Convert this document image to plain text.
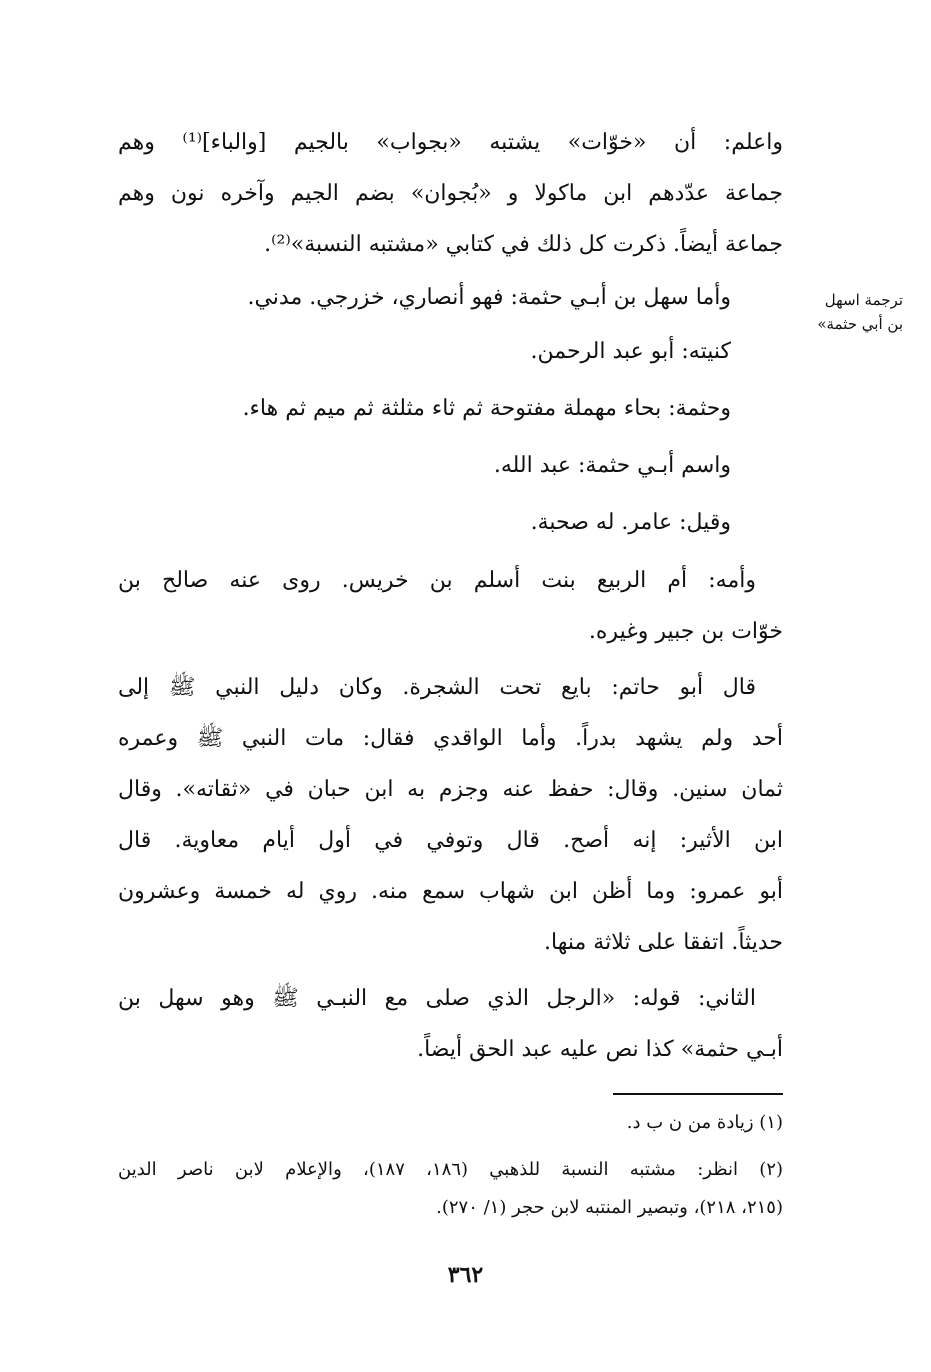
واعلم: أن «خوّات» يشتبه «بجواب» بالجيم [والباء]⁽¹⁾ وهم
جماعة عدّدهم ابن ماكولا و «بُجوان» بضم الجيم وآخره نون وهم
جماعة أيضاً. ذكرت كل ذلك في كتابي «مشتبه النسبة»⁽²⁾.
وأما سهل بن أبـي حثمة: فهو أنصاري، خزرجي. مدني.
كنيته: أبو عبد الرحمن.
وحثمة: بحاء مهملة مفتوحة ثم ثاء مثلثة ثم ميم ثم هاء.
واسم أبـي حثمة: عبد الله.
وقيل: عامر. له صحبة.
وأمه: أم الربيع بنت أسلم بن خريس. روى عنه صالح بن
خوّات بن جبير وغيره.
قال أبو حاتم: بايع تحت الشجرة. وكان دليل النبي ﷺ إلى
أحد ولم يشهد بدراً. وأما الواقدي فقال: مات النبي ﷺ وعمره
ثمان سنين. وقال: حفظ عنه وجزم به ابن حبان في «ثقاته». وقال
ابن الأثير: إنه أصح. قال وتوفي في أول أيام معاوية. قال
أبو عمرو: وما أظن ابن شهاب سمع منه. روي له خمسة وعشرون
حديثاً. اتفقا على ثلاثة منها.
الثاني: قوله: «الرجل الذي صلى مع النبـي ﷺ وهو سهل بن
أبـي حثمة» كذا نص عليه عبد الحق أيضاً.
ترجمة اسهل
بن أبي حثمة»
(١) زيادة من ن ب د.
(٢) انظر: مشتبه النسبة للذهبي (١٨٦، ١٨٧)، والإعلام لابن ناصر الدين
(٢١٥، ٢١٨)، وتبصير المنتبه لابن حجر (١/ ٢٧٠).
٣٦٢
